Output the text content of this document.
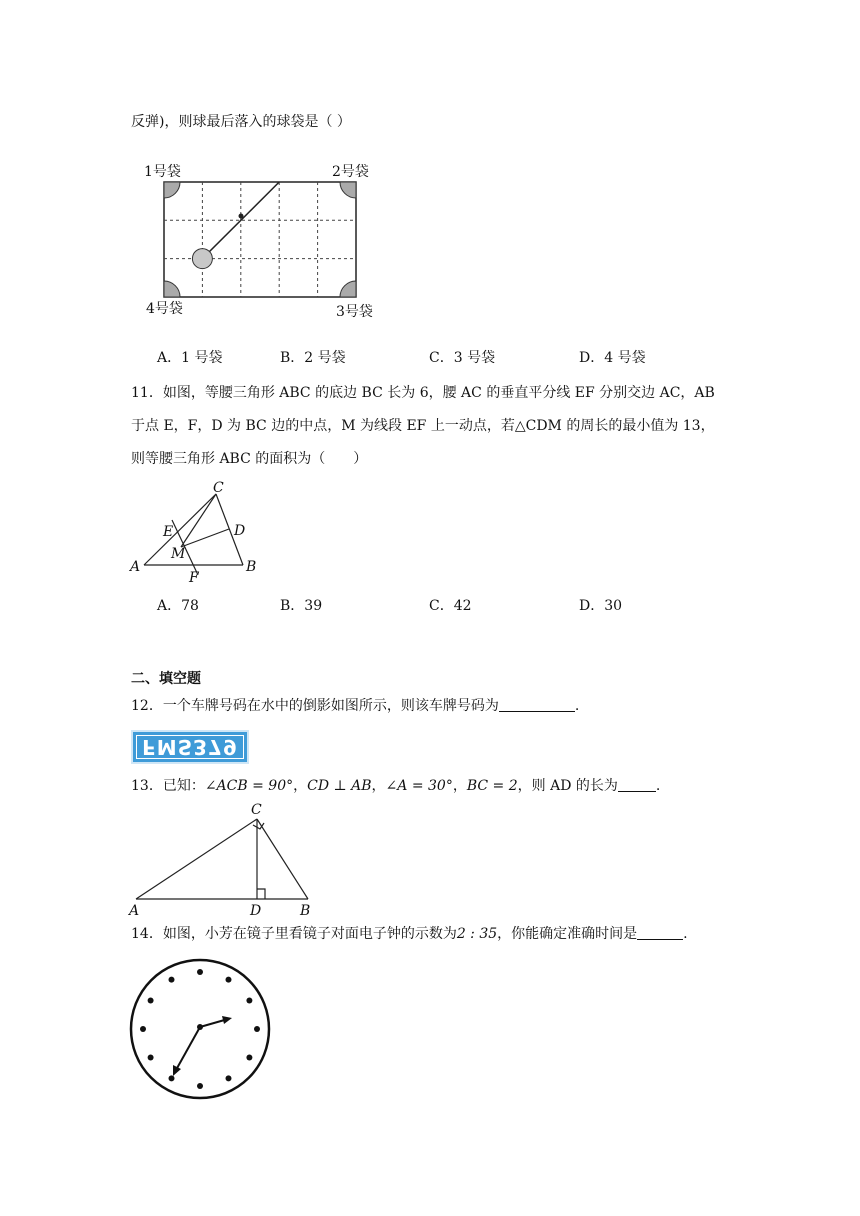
反弹)，则球最后落入的球袋是（ ）
1号袋	2号袋
3号袋
4号袋
A．1 号袋	B．2 号袋	C．3 号袋	D．4 号袋
11．如图，等腰三角形 ABC 的底边 BC 长为 6，腰 AC 的垂直平分线 EF 分别交边 AC，AB
于点 E，F，D 为 BC 边的中点，M 为线段 EF 上一动点，若△CDM 的周长的最小值为 13，
则等腰三角形 ABC 的面积为（　　）
C
E	D
M
A
F
B
A．78	B．39	C．42	D．30
二、填空题
12．一个车牌号码在水中的倒影如图所示，则该车牌号码为	.
FMS379
13．已知：∠ACB = 90°，CD ⊥ AB，∠A = 30°，BC = 2，则 AD 的长为	.
C
A	D	B
14．如图，小芳在镜子里看镜子对面电子钟的示数为2 : 35，你能确定准确时间是	.
